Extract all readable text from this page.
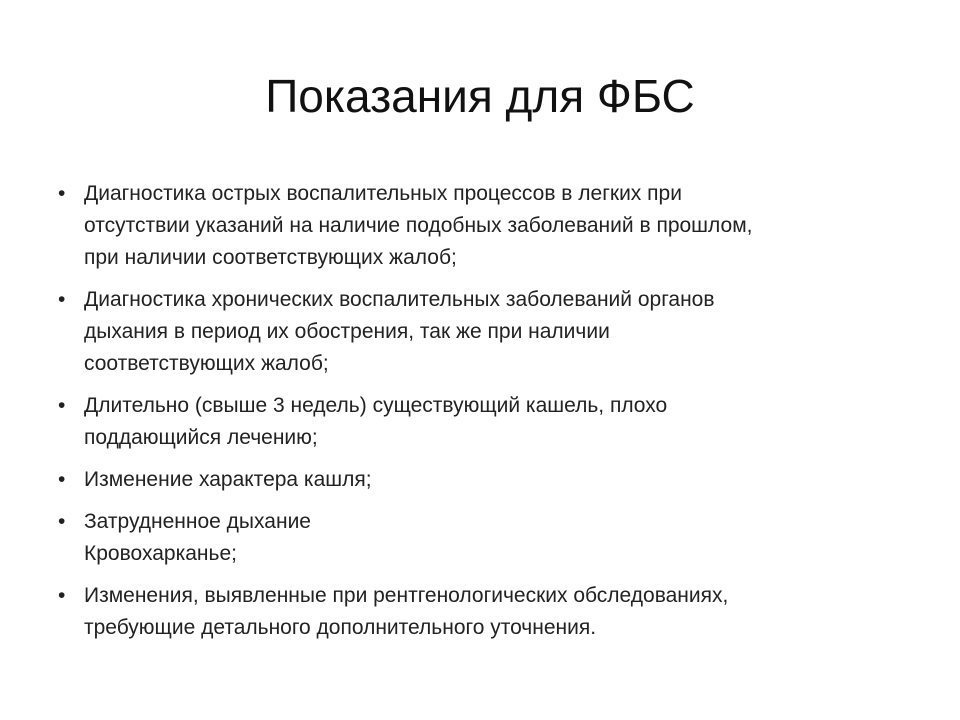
Показания для ФБС
• Диагностика острых воспалительных процессов в легких при
отсутствии указаний на наличие подобных заболеваний в прошлом,
при наличии соответствующих жалоб;
• Диагностика хронических воспалительных заболеваний органов
дыхания в период их обострения, так же при наличии
соответствующих жалоб;
• Длительно (свыше 3 недель) существующий кашель, плохо
поддающийся лечению;
• Изменение характера кашля;
• Затрудненное дыхание
Кровохарканье;
• Изменения, выявленные при рентгенологических обследованиях,
требующие детального дополнительного уточнения.
